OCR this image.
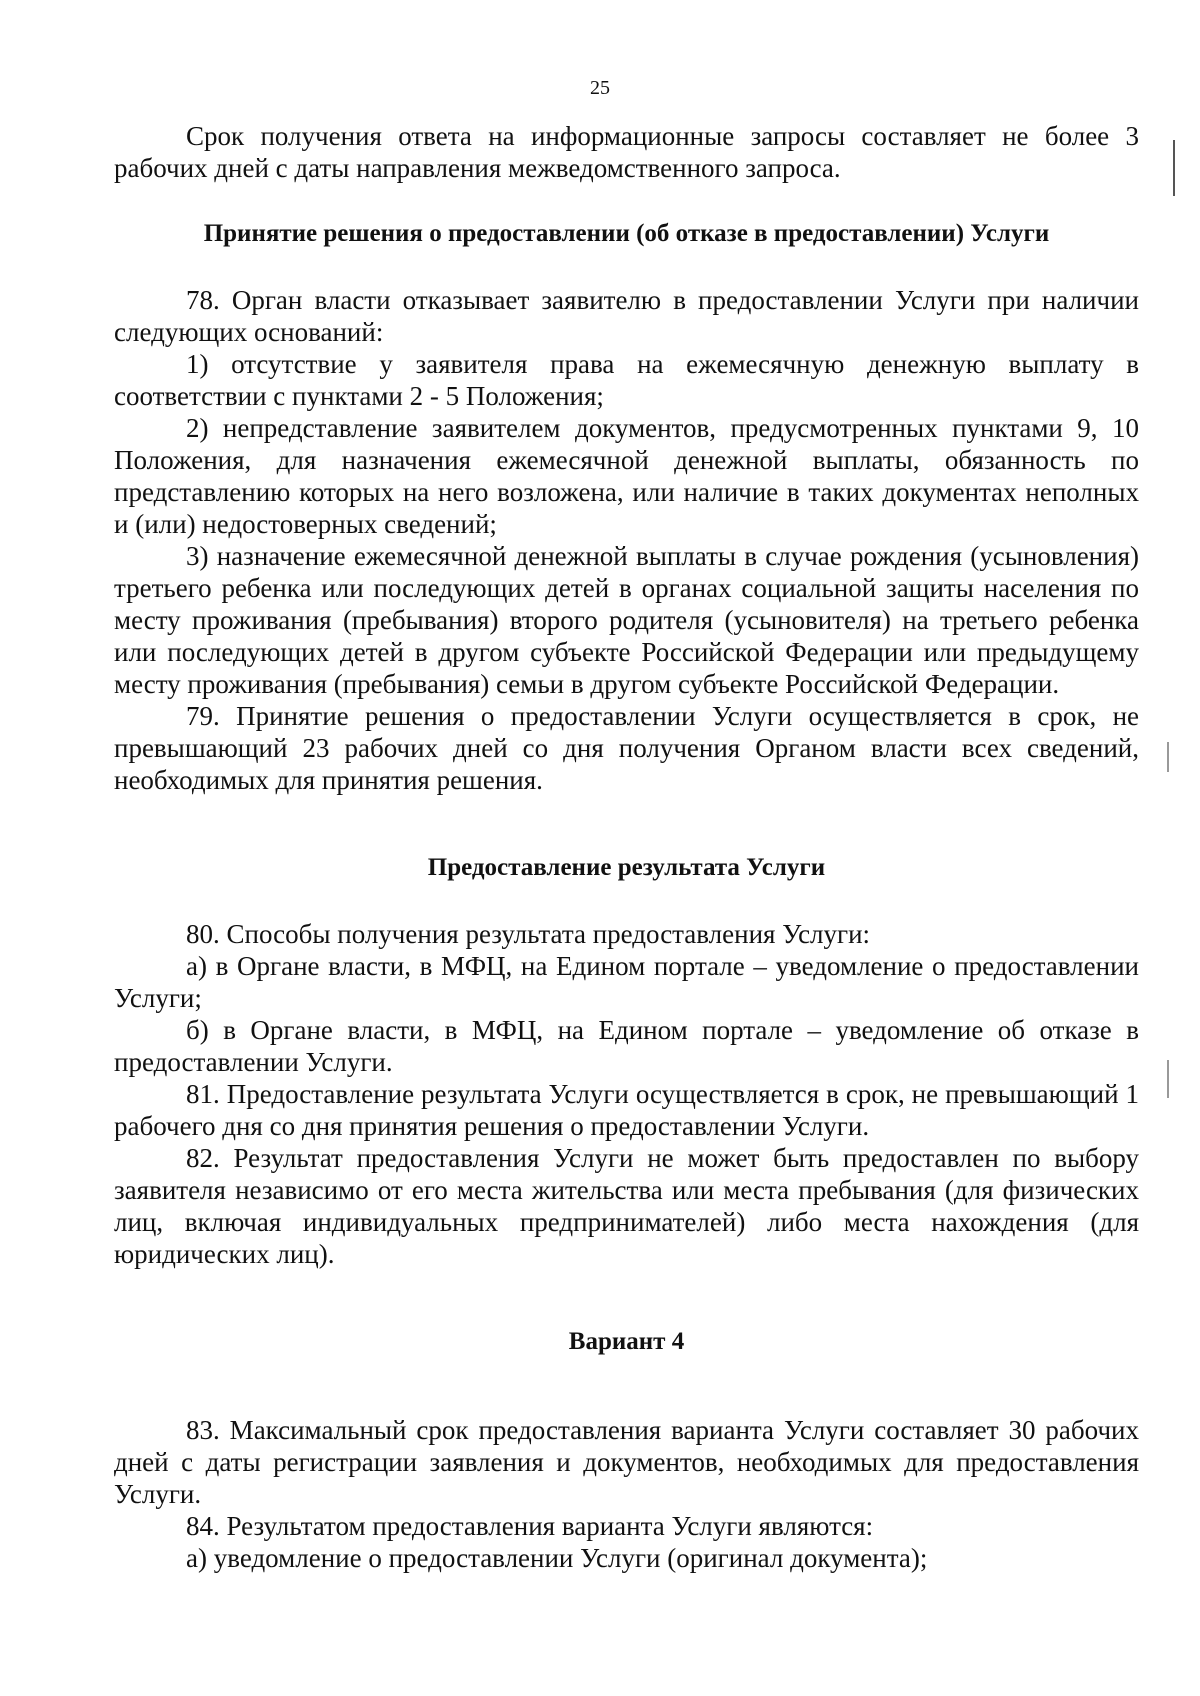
25

Срок получения ответа на информационные запросы составляет не более 3 рабочих дней с даты направления межведомственного запроса.

Принятие решения о предоставлении (об отказе в предоставлении) Услуги

78. Орган власти отказывает заявителю в предоставлении Услуги при наличии следующих оснований:

1) отсутствие у заявителя права на ежемесячную денежную выплату в соответствии с пунктами 2 - 5 Положения;

2) непредставление заявителем документов, предусмотренных пунктами 9, 10 Положения, для назначения ежемесячной денежной выплаты, обязанность по представлению которых на него возложена, или наличие в таких документах неполных и (или) недостоверных сведений;

3) назначение ежемесячной денежной выплаты в случае рождения (усыновления) третьего ребенка или последующих детей в органах социальной защиты населения по месту проживания (пребывания) второго родителя (усыновителя) на третьего ребенка или последующих детей в другом субъекте Российской Федерации или предыдущему месту проживания (пребывания) семьи в другом субъекте Российской Федерации.

79. Принятие решения о предоставлении Услуги осуществляется в срок, не превышающий 23 рабочих дней со дня получения Органом власти всех сведений, необходимых для принятия решения.

Предоставление результата Услуги

80. Способы получения результата предоставления Услуги:

а) в Органе власти, в МФЦ, на Едином портале – уведомление о предоставлении Услуги;

б) в Органе власти, в МФЦ, на Едином портале – уведомление об отказе в предоставлении Услуги.

81. Предоставление результата Услуги осуществляется в срок, не превышающий 1 рабочего дня со дня принятия решения о предоставлении Услуги.

82. Результат предоставления Услуги не может быть предоставлен по выбору заявителя независимо от его места жительства или места пребывания (для физических лиц, включая индивидуальных предпринимателей) либо места нахождения (для юридических лиц).

Вариант 4

83. Максимальный срок предоставления варианта Услуги составляет 30 рабочих дней с даты регистрации заявления и документов, необходимых для предоставления Услуги.

84. Результатом предоставления варианта Услуги являются:

а) уведомление о предоставлении Услуги (оригинал документа);
